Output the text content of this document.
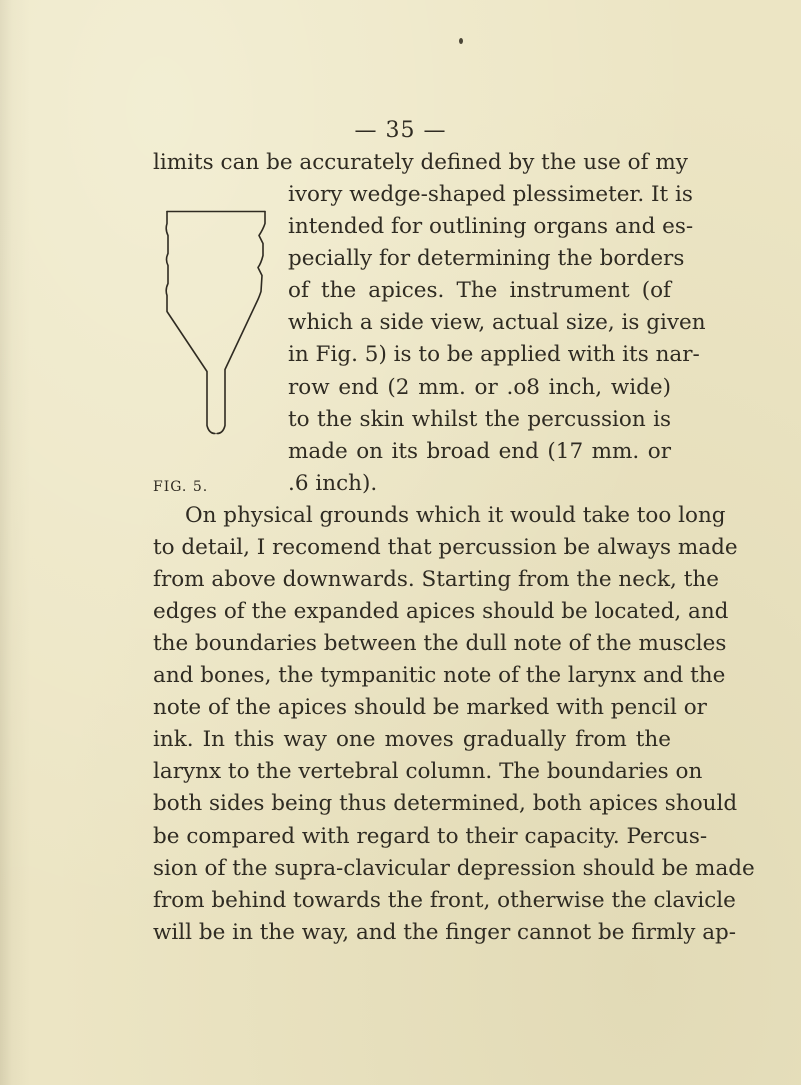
— 35 —
FIG. 5.
limits can be accurately defined by the use of my
ivory wedge-shaped plessimeter. It is
intended for outlining organs and es-
pecially for determining the borders
of the apices. The instrument (of
which a side view, actual size, is given
in Fig. 5) is to be applied with its nar-
row end (2 mm. or .o8 inch, wide)
to the skin whilst the percussion is
made on its broad end (17 mm. or
.6 inch).
On physical grounds which it would take too long
to detail, I recomend that percussion be always made
from above downwards. Starting from the neck, the
edges of the expanded apices should be located, and
the boundaries between the dull note of the muscles
and bones, the tympanitic note of the larynx and the
note of the apices should be marked with pencil or
ink. In this way one moves gradually from the
larynx to the vertebral column. The boundaries on
both sides being thus determined, both apices should
be compared with regard to their capacity. Percus-
sion of the supra-clavicular depression should be made
from behind towards the front, otherwise the clavicle
will be in the way, and the finger cannot be firmly ap-
